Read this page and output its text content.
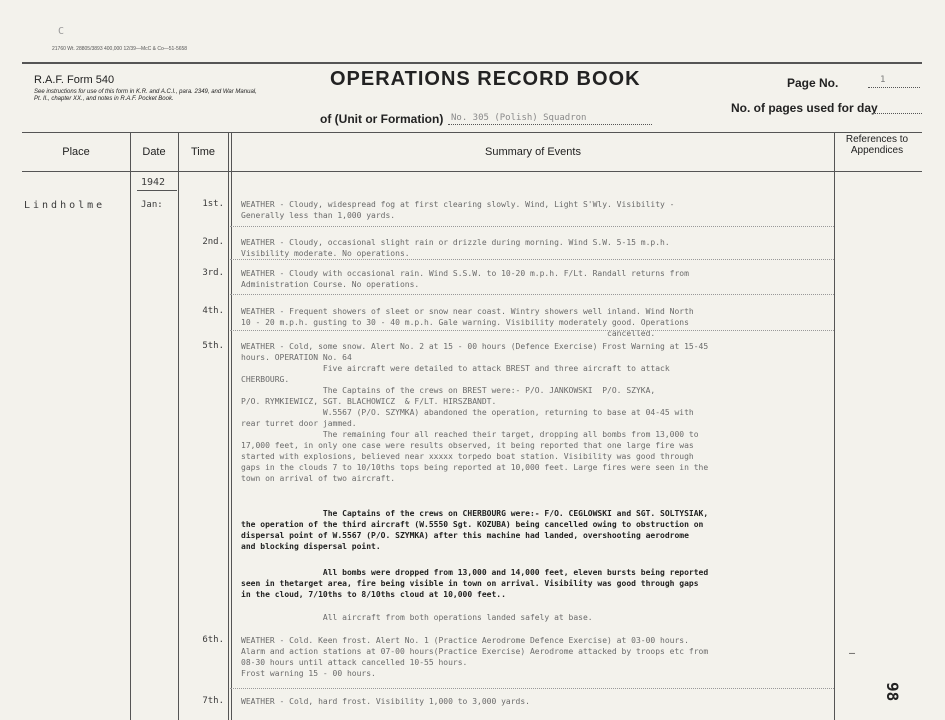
C
21760 Wt. 28805/3893 400,000 12/39—McC & Co—51-5658
R.A.F. Form 540
See instructions for use of this form in K.R. and A.C.I., para. 2349, and War Manual, Pt. II., chapter XX., and notes in R.A.F. Pocket Book.
OPERATIONS RECORD BOOK
of (Unit or Formation) No. 305 (Polish) Squadron
Page No.	1
No. of pages used for day
Place	Date	Time	Summary of Events
References to Appendices
Lindholme
1942
Jan:	1st. WEATHER - Cloudy, widespread fog at first clearing slowly. Wind, Light S'Wly. Visibility -
Generally less than 1,000 yards.
2nd. WEATHER - Cloudy, occasional slight rain or drizzle during morning. Wind S.W. 5-15 m.p.h.
Visibility moderate. No operations.
3rd. WEATHER - Cloudy with occasional rain. Wind S.S.W. to 10-20 m.p.h. F/Lt. Randall returns from
Administration Course. No operations.
4th. WEATHER - Frequent showers of sleet or snow near coast. Wintry showers well inland. Wind North
10 - 20 m.p.h. gusting to 30 - 40 m.p.h. Gale warning. Visibility moderately good. Operations
cancelled.
5th. WEATHER - Cold, some snow. Alert No. 2 at 15 - 00 hours (Defence Exercise) Frost Warning at 15-45
hours. OPERATION No. 64
Five aircraft were detailed to attack BREST and three aircraft to attack
CHERBOURG.
The Captains of the crews on BREST were:- P/O. JANKOWSKI  P/O. SZYKA,
P/O. RYMKIEWICZ, SGT. BLACHOWICZ  & F/LT. HIRSZBANDT.
W.5567 (P/O. SZYMKA) abandoned the operation, returning to base at 04-45 with
rear turret door jammed.
The remaining four all reached their target, dropping all bombs from 13,000 to
17,000 feet, in only one case were results observed, it being reported that one large fire was
started with explosions, believed near xxxxx torpedo boat station. Visibility was good through
gaps in the clouds 7 to 10/10ths tops being reported at 10,000 feet. Large fires were seen in the
town on arrival of two aircraft.
The Captains of the crews on CHERBOURG were:- F/O. CEGLOWSKI and SGT. SOLTYSIAK,
the operation of the third aircraft (W.5550 Sgt. KOZUBA) being cancelled owing to obstruction on
dispersal point of W.5567 (P/O. SZYMKA) after this machine had landed, overshooting aerodrome
and blocking dispersal point.
All bombs were dropped from 13,000 and 14,000 feet, eleven bursts being reported
seen in thetarget area, fire being visible in town on arrival. Visibility was good through gaps
in the cloud, 7/10ths to 8/10ths cloud at 10,000 feet..
All aircraft from both operations landed safely at base.
6th. WEATHER - Cold. Keen frost. Alert No. 1 (Practice Aerodrome Defence Exercise) at 03-00 hours.
Alarm and action stations at 07-00 hours(Practice Exercise) Aerodrome attacked by troops etc from
08-30 hours until attack cancelled 10-55 hours.
Frost warning 15 - 00 hours.
7th. WEATHER - Cold, hard frost. Visibility 1,000 to 3,000 yards.
–
98
